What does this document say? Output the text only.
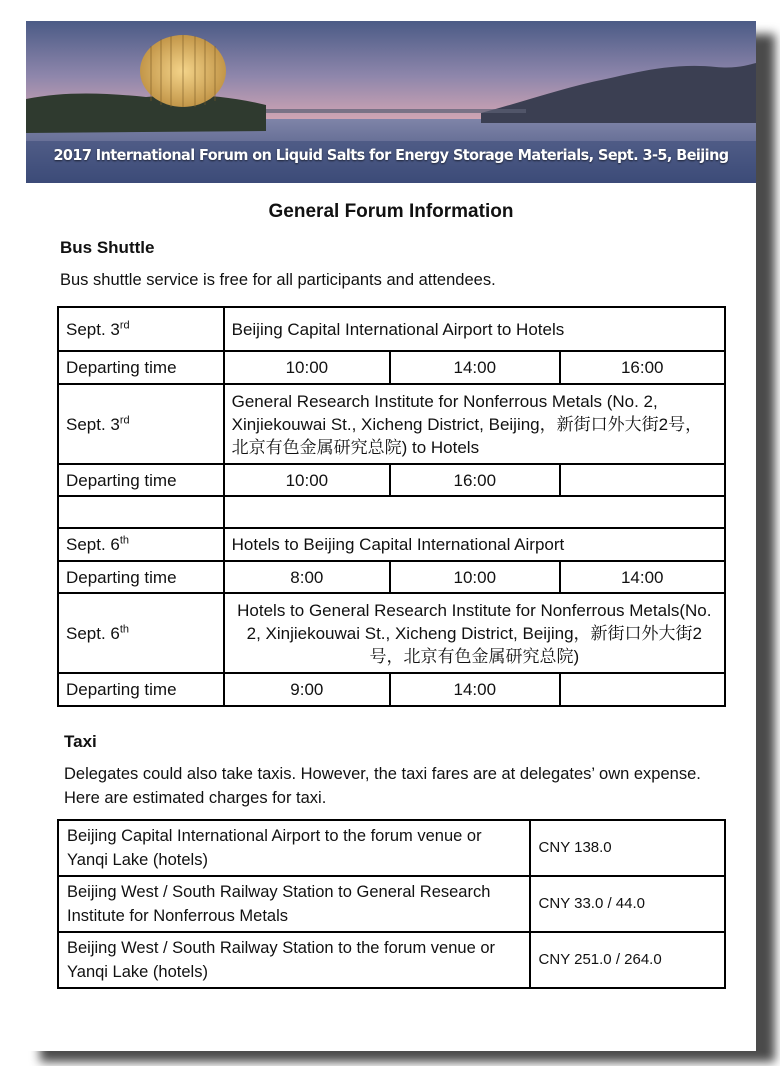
2017 International Forum on Liquid Salts for Energy Storage Materials, Sept. 3-5, Beijing
General Forum Information
Bus Shuttle
Bus shuttle service is free for all participants and attendees.
Sept. 3rd	Beijing Capital International Airport to Hotels		
Departing time	10:00	14:00	16:00
Sept. 3rd	General Research Institute for Nonferrous Metals (No. 2, Xinjiekouwai St., Xicheng District, Beijing，新街口外大街2号，北京有色金属研究总院) to Hotels		
Departing time	10:00	16:00	

Sept. 6th	Hotels to Beijing Capital International Airport		
Departing time	8:00	10:00	14:00
Sept. 6th	Hotels to General Research Institute for Nonferrous Metals(No. 2, Xinjiekouwai St., Xicheng District, Beijing，新街口外大街2号，北京有色金属研究总院)		
Departing time	9:00	14:00	
Taxi
Delegates could also take taxis. However, the taxi fares are at delegates’ own expense. Here are estimated charges for taxi.
Beijing Capital International Airport to the forum venue or Yanqi Lake (hotels)	CNY 138.0
Beijing West / South Railway Station to General Research Institute for Nonferrous Metals	CNY 33.0 / 44.0
Beijing West / South Railway Station to the forum venue or Yanqi Lake (hotels)	CNY 251.0 / 264.0
